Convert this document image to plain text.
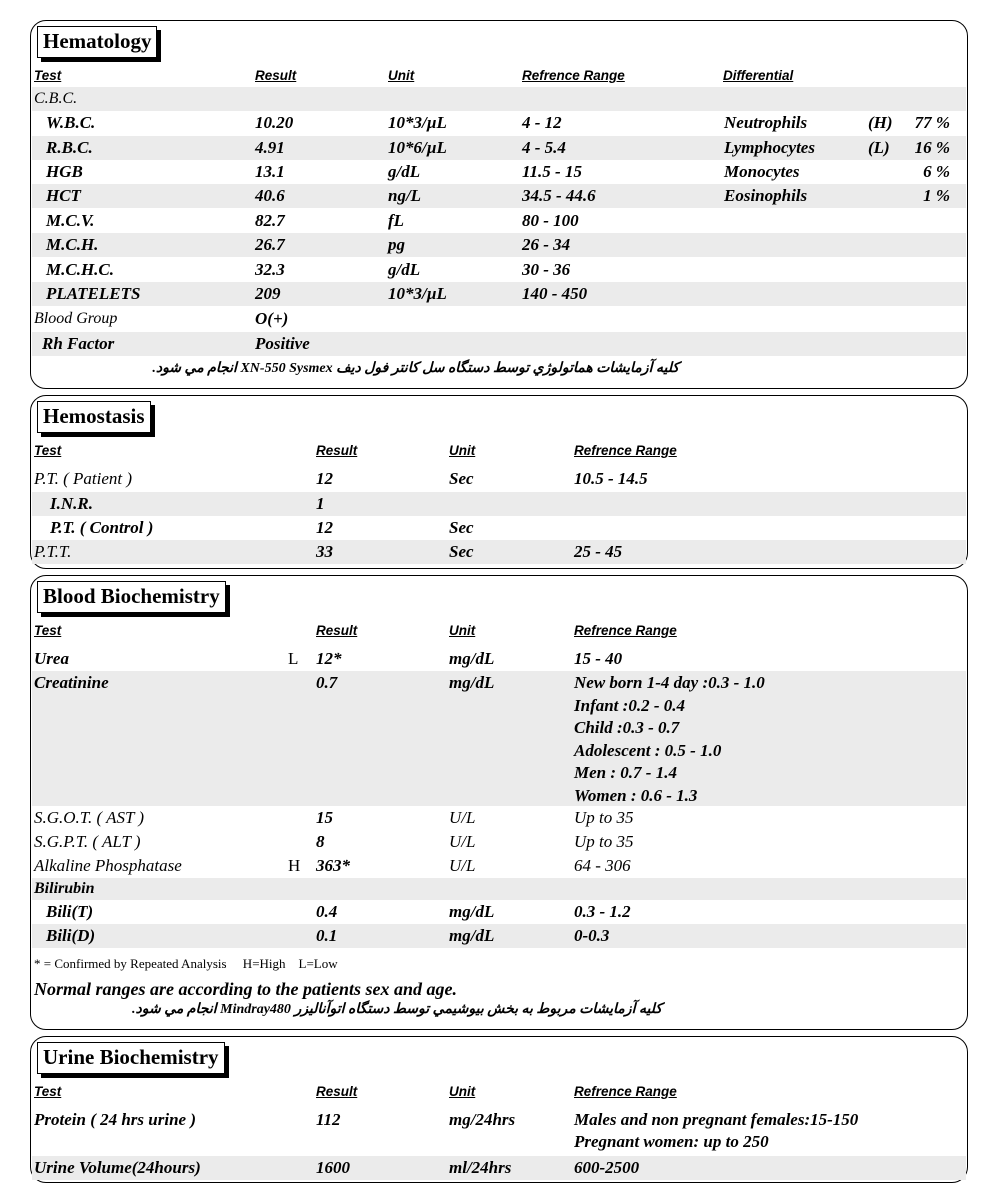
Hematology
Test	Result	Unit	Refrence Range	Differential
C.B.C.
W.B.C.	10.20	10*3/µL	4 - 12	Neutrophils	(H) 77 %
R.B.C.	4.91	10*6/µL	4 - 5.4	Lymphocytes	(L) 16 %
HGB	13.1	g/dL	11.5 - 15	Monocytes	6 %
HCT	40.6	ng/L	34.5 - 44.6	Eosinophils	1 %
M.C.V.	82.7	fL	80 - 100
M.C.H.	26.7	pg	26 - 34
M.C.H.C.	32.3	g/dL	30 - 36
PLATELETS	209	10*3/µL	140 - 450
Blood Group	O(+)
Rh Factor	Positive
كليه آزمايشات هماتولوژي توسط دستگاه سل كانتر فول ديف XN-550 Sysmex انجام مي شود.
Hemostasis
Test	Result	Unit	Refrence Range
P.T. ( Patient )	12	Sec	10.5 - 14.5
I.N.R.	1
P.T. ( Control )	12	Sec
P.T.T.	33	Sec	25 - 45
Blood Biochemistry
Test	Result	Unit	Refrence Range
Urea	L 12*	mg/dL	15 - 40
Creatinine	0.7	mg/dL	New born 1-4 day :0.3 - 1.0
Infant :0.2 - 0.4
Child :0.3 - 0.7
Adolescent : 0.5 - 1.0
Men : 0.7 - 1.4
Women : 0.6 - 1.3
S.G.O.T. ( AST )	15	U/L	Up to 35
S.G.P.T. ( ALT )	8	U/L	Up to 35
Alkaline Phosphatase	H 363*	U/L	64 - 306
Bilirubin
Bili(T)	0.4	mg/dL	0.3 - 1.2
Bili(D)	0.1	mg/dL	0-0.3
* = Confirmed by Repeated Analysis     H=High    L=Low
Normal ranges are according to the patients sex and age.
كليه آزمايشات مربوط به بخش بيوشيمي توسط دستگاه اتوآناليزر Mindray480 انجام مي شود.
Urine Biochemistry
Test	Result	Unit	Refrence Range
Protein ( 24 hrs urine )	112	mg/24hrs	Males and non pregnant females:15-150
Pregnant women: up to 250
Urine Volume(24hours)	1600	ml/24hrs	600-2500
